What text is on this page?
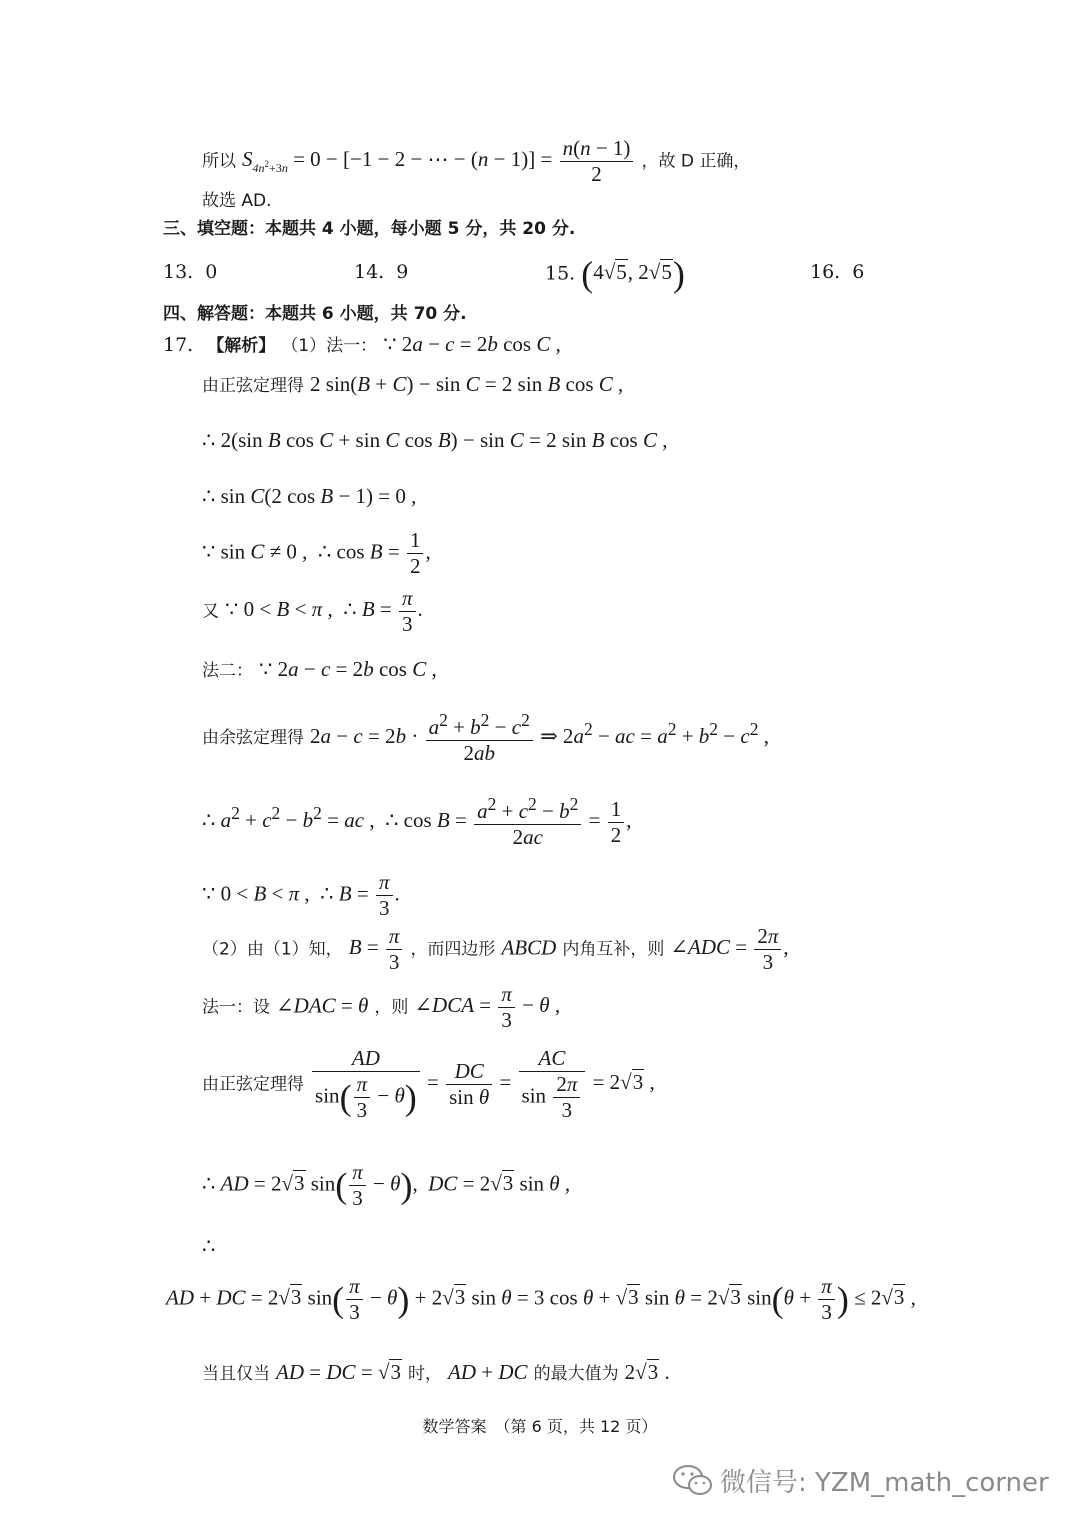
所以 $S_{4n^2+3n} = 0 - [-1 - 2$ − ⋯ − $(n - 1)] = \frac{n(n - 1)}{2}$ ，故 D 正确，
故选 AD.
三、填空题：本题共 4 小题，每小题 5 分，共 20 分.
13. 0	14. 9	15. (4√5, 2√5)	16. 6
四、解答题：本题共 6 小题，共 70 分.
17. 【解析】 （1）法一： ∵ 2a − c = 2b cos C ,
由正弦定理得 2 sin(B + C) − sin C = 2 sin B cos C ,
∴ 2(sin B cos C + sin C cos B) − sin C = 2 sin B cos C ,
∴ sin C(2 cos B − 1) = 0 ,
∵ sin C ≠ 0 ,  ∴ $\cos B = \frac{1}{2}$ ,
又 ∵ 0 < B < π ,  ∴ $B = \frac{\pi}{3}$ .
法二： ∵ 2a − c = 2b cos C ,
由余弦定理得 $2a - c = 2b \cdot \frac{a^2 + b^2 - c^2}{2ab}$ ⇒ $2a^2$ − ac = $a^2 + b^2 - c^2$ ,
∴ $a^2 + c^2 - b^2$ = ac ,  ∴ $\cos B = \frac{a^2 + c^2 - b^2}{2ac} = \frac{1}{2}$ ,
∵ 0 < B < π ,  ∴ $B = \frac{\pi}{3}$ .
（2）由（1）知， $B = \frac{\pi}{3}$ ，而四边形 ABCD 内角互补，则 ∠ADC = $\frac{2\pi}{3}$ ,
法一：设 ∠DAC = θ ，则 ∠DCA = $\frac{\pi}{3} - \theta$ ,
由正弦定理得 $\frac{AD}{\sin( \frac{\pi}{3} - \theta)} = \frac{DC}{\text{sin θ}} = \frac{AC}{\sin \frac{2\pi}{3}} = 2√3$ ,
∴ AD = 2√3 $\sin( \frac{\pi}{3} - \theta)$,  DC = 2√3 sin θ ,
∴
AD + DC = 2√3 $\sin( \frac{\pi}{3} - \theta) + 2√3$ sin θ = 3 cos θ + √3 sin θ = 2√3 $\sin(\theta + \frac{\pi}{3}$ ) ≤ 2√3 ,
当且仅当 AD = DC = √3 时， AD + DC 的最大值为 2√3 .
数学答案　（第 6 页，共 12 页）
微信号: YZM_math_corner
